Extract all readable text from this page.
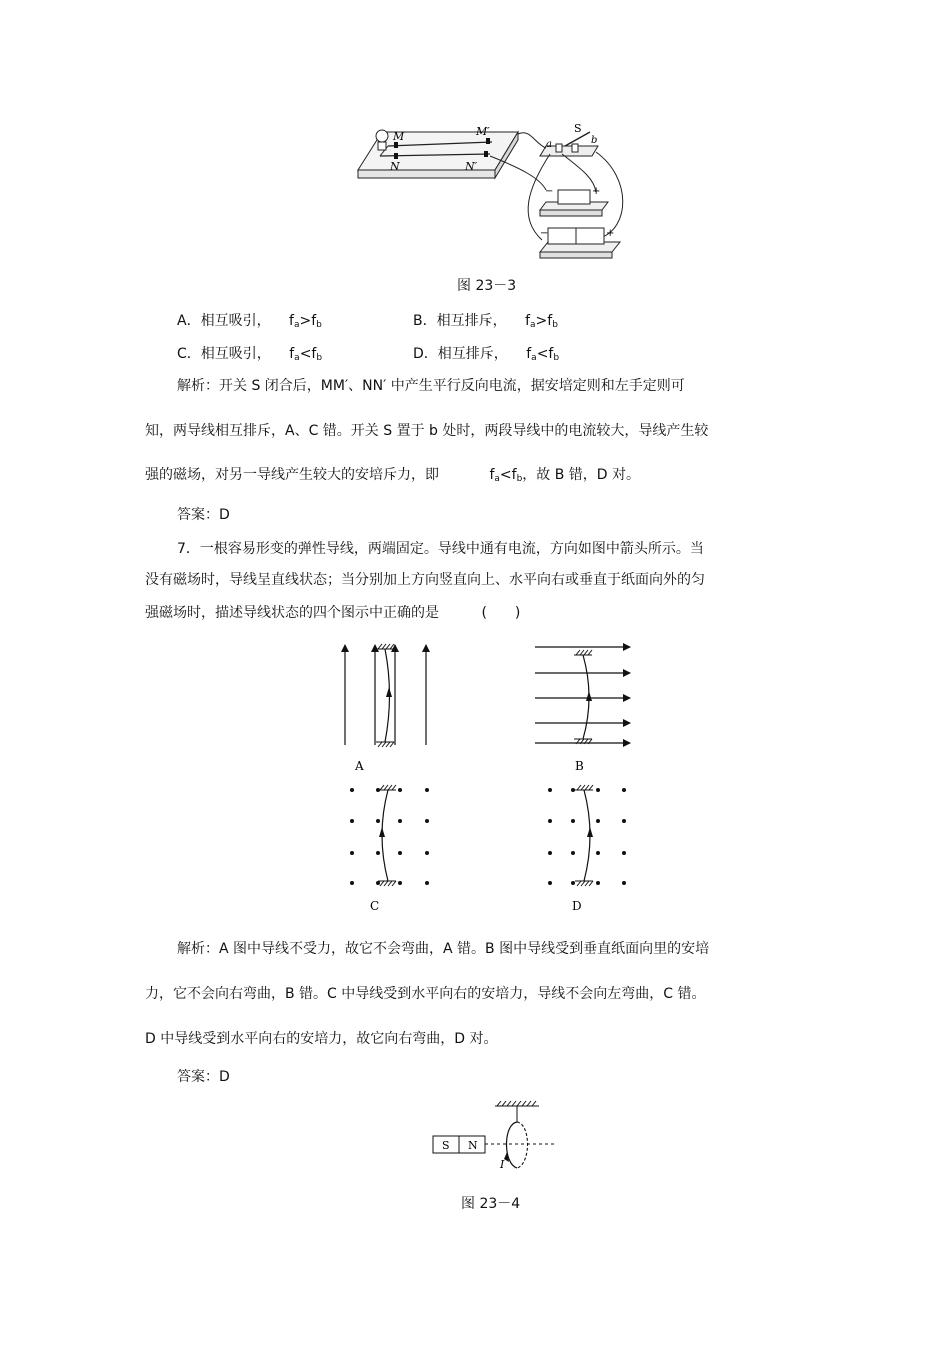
M	M′
N	N′
S
a	b
−	+
−	+
图 23－3
A．相互吸引， $f_a>f_b$	B．相互排斥， $f_a>f_b$
C．相互吸引， $f_a<f_b$	D．相互排斥， $f_a<f_b$
解析：开关 S 闭合后，MM′、NN′ 中产生平行反向电流，据安培定则和左手定则可
知，两导线相互排斥，A、C 错。开关 S 置于 b 处时，两段导线中的电流较大，导线产生较
强的磁场，对另一导线产生较大的安培斥力，即	$f_a<f_b$，故 B 错，D 对。
答案：D
7．一根容易形变的弹性导线，两端固定。导线中通有电流，方向如图中箭头所示。当
没有磁场时，导线呈直线状态；当分别加上方向竖直向上、水平向右或垂直于纸面向外的匀
强磁场时，描述导线状态的四个图示中正确的是	(　　)
A	B
C	D
解析：A 图中导线不受力，故它不会弯曲，A 错。B 图中导线受到垂直纸面向里的安培
力，它不会向右弯曲，B 错。C 中导线受到水平向右的安培力，导线不会向左弯曲，C 错。
D 中导线受到水平向右的安培力，故它向右弯曲，D 对。
答案：D
S N
I
图 23－4
